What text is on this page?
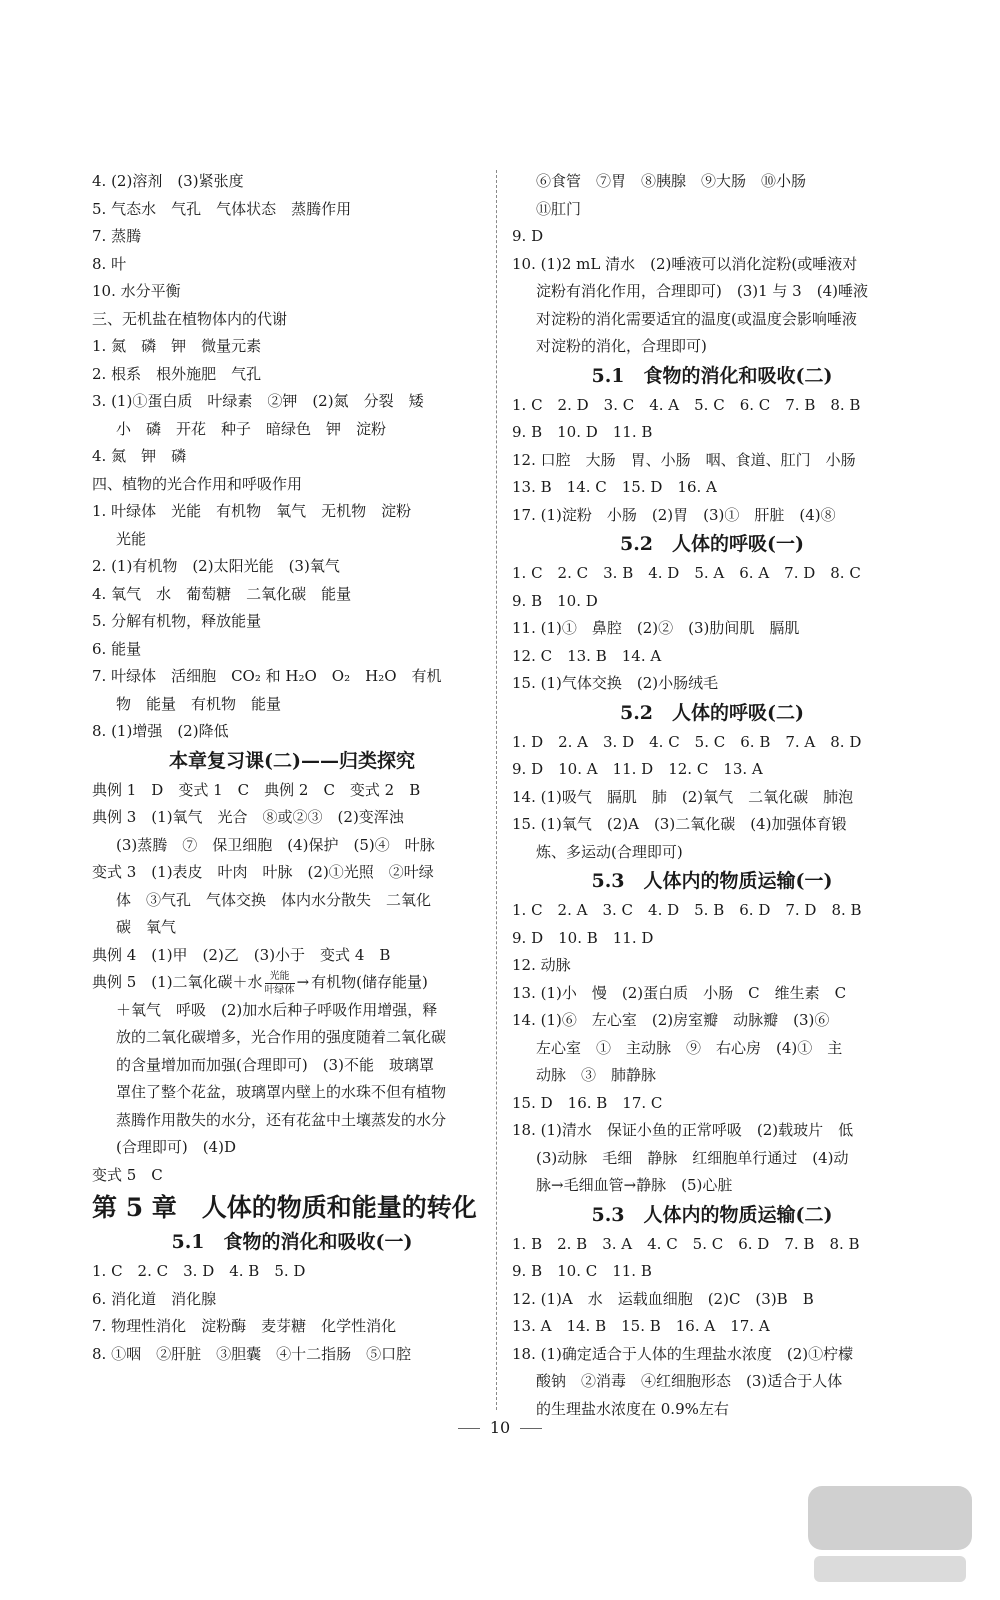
4. (2)溶剂　(3)紧张度
5. 气态水　气孔　气体状态　蒸腾作用
7. 蒸腾
8. 叶
10. 水分平衡
三、无机盐在植物体内的代谢
1. 氮　磷　钾　微量元素
2. 根系　根外施肥　气孔
3. (1)①蛋白质　叶绿素　②钾　(2)氮　分裂　矮
小　磷　开花　种子　暗绿色　钾　淀粉
4. 氮　钾　磷
四、植物的光合作用和呼吸作用
1. 叶绿体　光能　有机物　氧气　无机物　淀粉
光能
2. (1)有机物　(2)太阳光能　(3)氧气
4. 氧气　水　葡萄糖　二氧化碳　能量
5. 分解有机物，释放能量
6. 能量
7. 叶绿体　活细胞　CO₂ 和 H₂O　O₂　H₂O　有机
物　能量　有机物　能量
8. (1)增强　(2)降低
本章复习课(二)——归类探究
典例 1　D　变式 1　C　典例 2　C　变式 2　B
典例 3　(1)氧气　光合　⑧或②③　(2)变浑浊
(3)蒸腾　⑦　保卫细胞　(4)保护　(5)④　叶脉
变式 3　(1)表皮　叶肉　叶脉　(2)①光照　②叶绿
体　③气孔　气体交换　体内水分散失　二氧化
碳　氧气
典例 4　(1)甲　(2)乙　(3)小于　变式 4　B
典例 5　(1)二氧化碳＋水 $\frac{\text{光能}}{\text{叶绿体}}$ → 有机物(储存能量)
＋氧气　呼吸　(2)加水后种子呼吸作用增强，释
放的二氧化碳增多，光合作用的强度随着二氧化碳
的含量增加而加强(合理即可)　(3)不能　玻璃罩
罩住了整个花盆，玻璃罩内壁上的水珠不但有植物
蒸腾作用散失的水分，还有花盆中土壤蒸发的水分
(合理即可)　(4)D
变式 5　C
第 5 章　人体的物质和能量的转化
5.1　食物的消化和吸收(一)
1. C　2. C　3. D　4. B　5. D
6. 消化道　消化腺
7. 物理性消化　淀粉酶　麦芽糖　化学性消化
8. ①咽　②肝脏　③胆囊　④十二指肠　⑤口腔
⑥食管　⑦胃　⑧胰腺　⑨大肠　⑩小肠
⑪肛门
9. D
10. (1)2 mL 清水　(2)唾液可以消化淀粉(或唾液对
淀粉有消化作用，合理即可)　(3)1 与 3　(4)唾液
对淀粉的消化需要适宜的温度(或温度会影响唾液
对淀粉的消化，合理即可)
5.1　食物的消化和吸收(二)
1. C　2. D　3. C　4. A　5. C　6. C　7. B　8. B
9. B　10. D　11. B
12. 口腔　大肠　胃、小肠　咽、食道、肛门　小肠
13. B　14. C　15. D　16. A
17. (1)淀粉　小肠　(2)胃　(3)①　肝脏　(4)⑧
5.2　人体的呼吸(一)
1. C　2. C　3. B　4. D　5. A　6. A　7. D　8. C
9. B　10. D
11. (1)①　鼻腔　(2)②　(3)肋间肌　膈肌
12. C　13. B　14. A
15. (1)气体交换　(2)小肠绒毛
5.2　人体的呼吸(二)
1. D　2. A　3. D　4. C　5. C　6. B　7. A　8. D
9. D　10. A　11. D　12. C　13. A
14. (1)吸气　膈肌　肺　(2)氧气　二氧化碳　肺泡
15. (1)氧气　(2)A　(3)二氧化碳　(4)加强体育锻
炼、多运动(合理即可)
5.3　人体内的物质运输(一)
1. C　2. A　3. C　4. D　5. B　6. D　7. D　8. B
9. D　10. B　11. D
12. 动脉
13. (1)小　慢　(2)蛋白质　小肠　C　维生素　C
14. (1)⑥　左心室　(2)房室瓣　动脉瓣　(3)⑥
左心室　①　主动脉　⑨　右心房　(4)①　主
动脉　③　肺静脉
15. D　16. B　17. C
18. (1)清水　保证小鱼的正常呼吸　(2)载玻片　低
(3)动脉　毛细　静脉　红细胞单行通过　(4)动
脉→毛细血管→静脉　(5)心脏
5.3　人体内的物质运输(二)
1. B　2. B　3. A　4. C　5. C　6. D　7. B　8. B
9. B　10. C　11. B
12. (1)A　水　运载血细胞　(2)C　(3)B　B
13. A　14. B　15. B　16. A　17. A
18. (1)确定适合于人体的生理盐水浓度　(2)①柠檬
酸钠　②消毒　④红细胞形态　(3)适合于人体
的生理盐水浓度在 0.9%左右
10
